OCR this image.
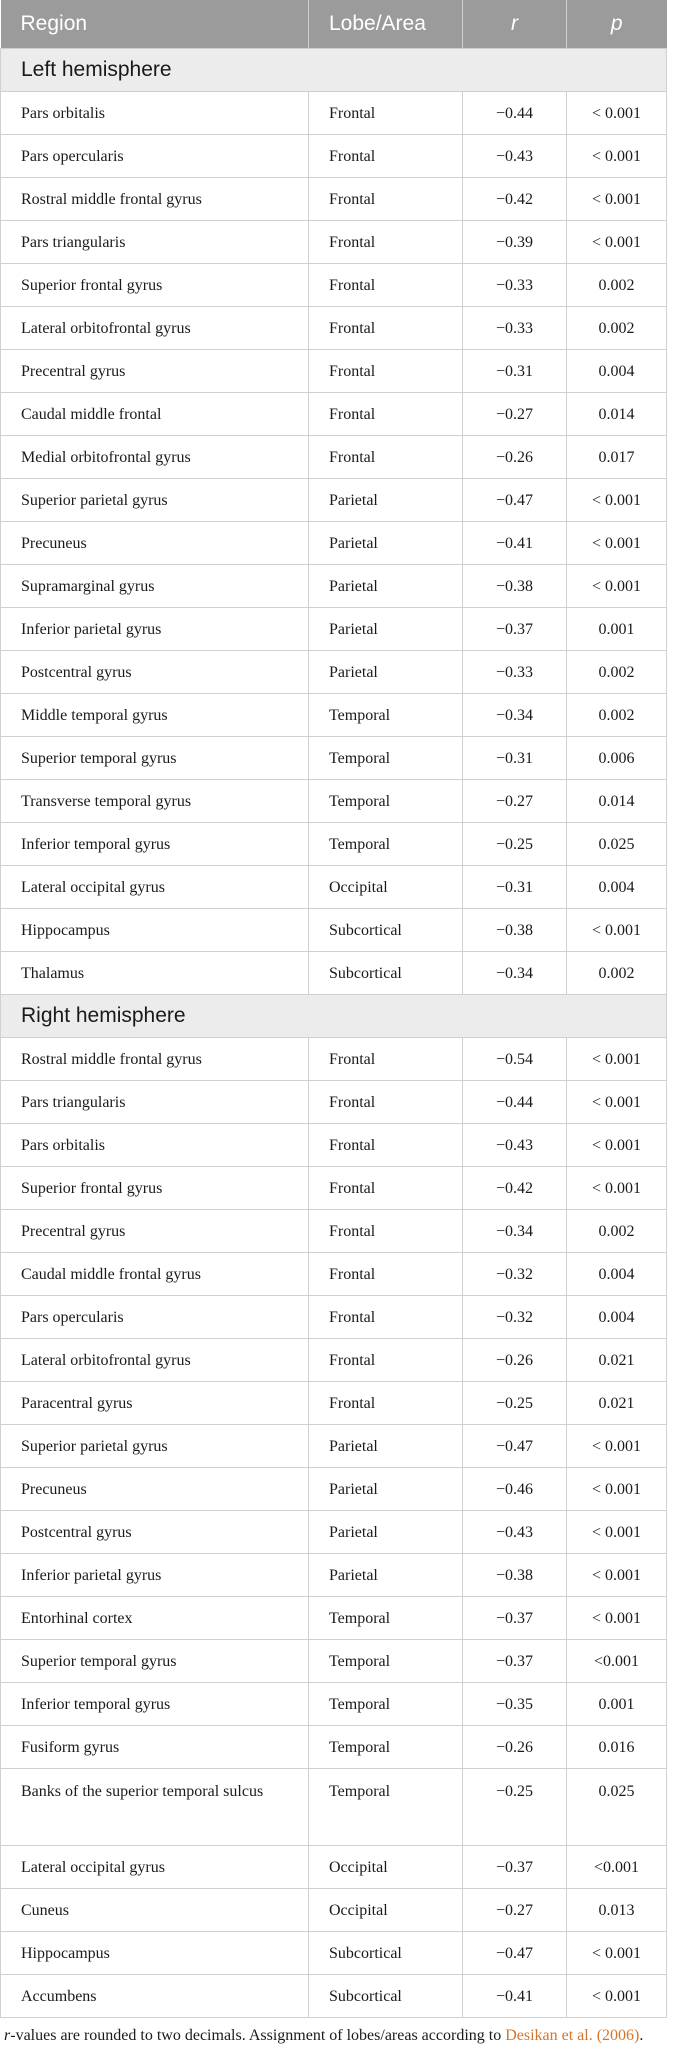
Region	Lobe/Area	r	p
Left hemisphere			
Pars orbitalis	Frontal	−0.44	< 0.001
Pars opercularis	Frontal	−0.43	< 0.001
Rostral middle frontal gyrus	Frontal	−0.42	< 0.001
Pars triangularis	Frontal	−0.39	< 0.001
Superior frontal gyrus	Frontal	−0.33	0.002
Lateral orbitofrontal gyrus	Frontal	−0.33	0.002
Precentral gyrus	Frontal	−0.31	0.004
Caudal middle frontal	Frontal	−0.27	0.014
Medial orbitofrontal gyrus	Frontal	−0.26	0.017
Superior parietal gyrus	Parietal	−0.47	< 0.001
Precuneus	Parietal	−0.41	< 0.001
Supramarginal gyrus	Parietal	−0.38	< 0.001
Inferior parietal gyrus	Parietal	−0.37	0.001
Postcentral gyrus	Parietal	−0.33	0.002
Middle temporal gyrus	Temporal	−0.34	0.002
Superior temporal gyrus	Temporal	−0.31	0.006
Transverse temporal gyrus	Temporal	−0.27	0.014
Inferior temporal gyrus	Temporal	−0.25	0.025
Lateral occipital gyrus	Occipital	−0.31	0.004
Hippocampus	Subcortical	−0.38	< 0.001
Thalamus	Subcortical	−0.34	0.002
Right hemisphere			
Rostral middle frontal gyrus	Frontal	−0.54	< 0.001
Pars triangularis	Frontal	−0.44	< 0.001
Pars orbitalis	Frontal	−0.43	< 0.001
Superior frontal gyrus	Frontal	−0.42	< 0.001
Precentral gyrus	Frontal	−0.34	0.002
Caudal middle frontal gyrus	Frontal	−0.32	0.004
Pars opercularis	Frontal	−0.32	0.004
Lateral orbitofrontal gyrus	Frontal	−0.26	0.021
Paracentral gyrus	Frontal	−0.25	0.021
Superior parietal gyrus	Parietal	−0.47	< 0.001
Precuneus	Parietal	−0.46	< 0.001
Postcentral gyrus	Parietal	−0.43	< 0.001
Inferior parietal gyrus	Parietal	−0.38	< 0.001
Entorhinal cortex	Temporal	−0.37	< 0.001
Superior temporal gyrus	Temporal	−0.37	<0.001
Inferior temporal gyrus	Temporal	−0.35	0.001
Fusiform gyrus	Temporal	−0.26	0.016
Banks of the superior temporal sulcus	Temporal	−0.25	0.025
Lateral occipital gyrus	Occipital	−0.37	<0.001
Cuneus	Occipital	−0.27	0.013
Hippocampus	Subcortical	−0.47	< 0.001
Accumbens	Subcortical	−0.41	< 0.001
r-values are rounded to two decimals. Assignment of lobes/areas according to Desikan et al. (2006).
